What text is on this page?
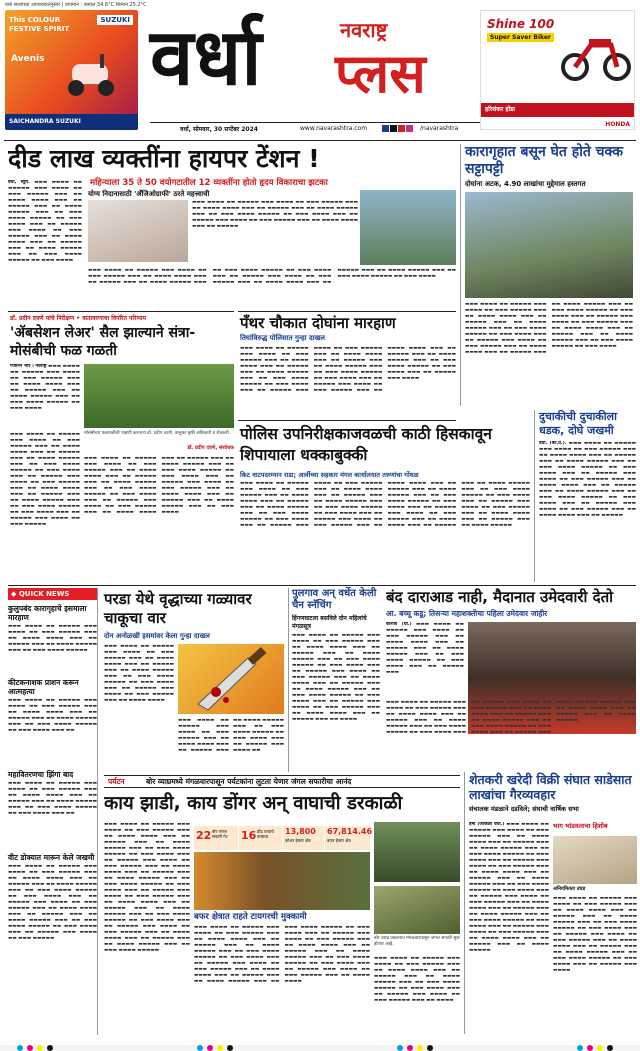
वर्धा सध्याच्या आवश्यकतेनुसार | तापमान : कमाल 34.6°C किमान 25.2°C
This COLOUR FESTIVE SPIRIT
SUZUKI
Avenis
SAICHANDRA SUZUKI
वर्धा	नवराष्ट्र
प्लस
वर्धा, सोमवार, 30 सप्टेंबर 2024	www.navarashtra.com	/navarashtra
Shine 100
Super Saver Biker
हरिशंकर होंडा
HONDA
दीड लाख व्यक्तींना हायपर टेंशन !
महिन्याला 35 ते 50 वयोगटातील 12 व्यक्तींना होतो हृदय विकाराचा झटका
वर्धा, ब्यूरो. ▬▬▬ ▬▬▬▬ ▬▬ ▬▬▬▬▬ ▬▬▬ ▬▬▬▬ ▬▬ ▬▬▬ ▬▬▬▬▬ ▬▬▬ ▬▬ ▬▬▬▬ ▬▬▬▬ ▬▬▬ ▬▬ ▬▬▬▬▬ ▬▬▬ ▬▬ ▬▬▬▬ ▬▬▬▬▬ ▬▬▬ ▬▬ ▬▬▬ ▬▬▬▬ ▬▬▬▬▬ ▬▬ ▬▬▬ ▬▬▬▬ ▬▬▬ ▬▬ ▬▬▬▬▬ ▬▬▬ ▬▬▬▬ ▬▬ ▬▬▬ ▬▬▬▬▬ ▬▬▬ ▬▬ ▬▬▬▬ ▬▬▬▬ ▬▬▬ ▬▬ ▬▬▬▬▬ ▬▬▬ ▬▬ ▬▬▬▬ ▬▬▬▬▬ ▬▬▬ ▬▬ ▬▬▬ ▬▬▬▬ ▬▬▬▬▬ ▬▬ ▬▬▬ ▬▬▬▬
योग्य निदानासाठी 'अँजिओग्राफी' ठरते महत्त्वाची
▬▬▬ ▬▬▬▬ ▬▬ ▬▬▬▬▬ ▬▬▬ ▬▬▬▬ ▬▬ ▬▬▬ ▬▬▬▬▬ ▬▬▬ ▬▬ ▬▬▬▬ ▬▬▬▬ ▬▬▬ ▬▬ ▬▬▬▬▬ ▬▬▬ ▬▬ ▬▬▬▬ ▬▬▬▬▬ ▬▬▬ ▬▬ ▬▬▬ ▬▬▬▬ ▬▬▬▬▬ ▬▬ ▬▬▬ ▬▬▬▬ ▬▬▬ ▬▬ ▬▬▬▬▬ ▬▬▬ ▬▬▬▬ ▬▬ ▬▬▬ ▬▬▬▬▬ ▬▬▬ ▬▬ ▬▬▬▬ ▬▬▬▬ ▬▬▬ ▬▬ ▬▬▬▬▬
▬▬▬ ▬▬▬▬ ▬▬ ▬▬▬▬▬ ▬▬▬ ▬▬▬▬ ▬▬ ▬▬▬ ▬▬▬▬▬ ▬▬▬ ▬▬ ▬▬▬▬ ▬▬▬▬ ▬▬▬ ▬▬ ▬▬▬▬▬ ▬▬▬ ▬▬ ▬▬▬▬ ▬▬▬▬▬ ▬▬▬ ▬▬ ▬▬▬ ▬▬▬▬ ▬▬▬▬▬ ▬▬ ▬▬▬ ▬▬▬▬ ▬▬▬ ▬▬ ▬▬▬▬▬ ▬▬▬ ▬▬▬▬ ▬▬ ▬▬▬ ▬▬▬▬▬ ▬▬▬ ▬▬ ▬▬▬▬ ▬▬▬▬ ▬▬▬ ▬▬ ▬▬▬▬▬ ▬▬▬ ▬▬ ▬▬▬▬ ▬▬▬▬▬ ▬▬▬ ▬▬ ▬▬▬ ▬▬▬▬ ▬▬▬▬▬ ▬▬ ▬▬▬ ▬▬▬▬
कारागृहात बसून घेत होते चक्क सट्टापट्टी
दोघांना अटक, 4.90 लाखांचा मुद्देमाल हस्तगत
▬▬▬ ▬▬▬▬ ▬▬ ▬▬▬▬▬ ▬▬▬ ▬▬▬▬ ▬▬ ▬▬▬ ▬▬▬▬▬ ▬▬▬ ▬▬ ▬▬▬▬ ▬▬▬▬ ▬▬▬ ▬▬ ▬▬▬▬▬ ▬▬▬ ▬▬ ▬▬▬▬ ▬▬▬▬▬ ▬▬▬ ▬▬ ▬▬▬ ▬▬▬▬ ▬▬▬▬▬ ▬▬ ▬▬▬ ▬▬▬▬ ▬▬▬ ▬▬ ▬▬▬▬▬ ▬▬▬ ▬▬▬▬ ▬▬ ▬▬▬ ▬▬▬▬▬ ▬▬▬ ▬▬ ▬▬▬▬ ▬▬▬▬ ▬▬▬ ▬▬ ▬▬▬▬▬ ▬▬▬ ▬▬ ▬▬▬▬ ▬▬▬▬▬ ▬▬▬ ▬▬ ▬▬▬ ▬▬▬▬ ▬▬▬▬▬ ▬▬ ▬▬▬ ▬▬▬▬ ▬▬▬ ▬▬ ▬▬▬▬▬ ▬▬▬ ▬▬▬▬ ▬▬ ▬▬▬ ▬▬▬▬▬ ▬▬▬ ▬▬ ▬▬▬▬ ▬▬▬▬ ▬▬▬ ▬▬ ▬▬▬▬▬ ▬▬▬ ▬▬ ▬▬▬▬ ▬▬▬▬▬ ▬▬▬ ▬▬ ▬▬▬ ▬▬▬▬ ▬▬▬▬▬ ▬▬ ▬▬▬ ▬▬▬▬
डॉ. प्रदीप दवणे यांचे निरीक्षण • वातावरणाचा विपरित परिणाम
'ॲबसेशन लेअर' सैल झाल्याने संत्रा-मोसंबीची फळ गळती
गजानन भोरे । नवराष्ट्र ▬▬▬ ▬▬▬▬ ▬▬ ▬▬▬▬▬ ▬▬▬ ▬▬▬▬ ▬▬ ▬▬▬ ▬▬▬▬▬ ▬▬▬ ▬▬ ▬▬▬▬ ▬▬▬▬ ▬▬▬ ▬▬ ▬▬▬▬▬ ▬▬▬ ▬▬ ▬▬▬▬ ▬▬▬▬▬ ▬▬▬ ▬▬ ▬▬▬ ▬▬▬▬ ▬▬▬▬▬ ▬▬ ▬▬▬ ▬▬▬▬
मोसंबीच्या फळगळीची पाहणी करताना डॉ. प्रदीप दवणे, तालुका कृषी अधिकारी व शेतकरी.
डॉ. प्रदीप दवणे, संशोधक
▬▬▬ ▬▬▬▬ ▬▬ ▬▬▬▬▬ ▬▬▬ ▬▬▬▬ ▬▬ ▬▬▬ ▬▬▬▬▬ ▬▬▬ ▬▬ ▬▬▬▬ ▬▬▬▬ ▬▬▬ ▬▬ ▬▬▬▬▬ ▬▬▬ ▬▬ ▬▬▬▬ ▬▬▬▬▬ ▬▬▬ ▬▬ ▬▬▬ ▬▬▬▬ ▬▬▬▬▬ ▬▬ ▬▬▬ ▬▬▬▬ ▬▬▬ ▬▬ ▬▬▬▬▬ ▬▬▬ ▬▬▬▬ ▬▬ ▬▬▬ ▬▬▬▬▬ ▬▬▬ ▬▬ ▬▬▬▬ ▬▬▬▬ ▬▬▬ ▬▬ ▬▬▬▬▬ ▬▬▬ ▬▬ ▬▬▬▬ ▬▬▬▬▬ ▬▬▬ ▬▬ ▬▬▬ ▬▬▬▬ ▬▬▬▬▬ ▬▬ ▬▬▬ ▬▬▬▬ ▬▬▬ ▬▬ ▬▬▬▬▬ ▬▬▬ ▬▬▬▬ ▬▬ ▬▬▬ ▬▬▬▬▬
▬▬▬ ▬▬▬▬ ▬▬ ▬▬▬▬▬ ▬▬▬ ▬▬▬▬ ▬▬ ▬▬▬ ▬▬▬▬▬ ▬▬▬ ▬▬ ▬▬▬▬ ▬▬▬▬ ▬▬▬ ▬▬ ▬▬▬▬▬ ▬▬▬ ▬▬ ▬▬▬▬ ▬▬▬▬▬ ▬▬▬ ▬▬ ▬▬▬ ▬▬▬▬ ▬▬▬▬▬ ▬▬ ▬▬▬ ▬▬▬▬ ▬▬▬ ▬▬ ▬▬▬▬▬ ▬▬▬ ▬▬▬▬ ▬▬ ▬▬▬ ▬▬▬▬▬ ▬▬▬ ▬▬ ▬▬▬▬ ▬▬▬▬ ▬▬▬ ▬▬ ▬▬▬▬▬ ▬▬▬ ▬▬ ▬▬▬▬ ▬▬▬▬▬ ▬▬▬ ▬▬ ▬▬▬ ▬▬▬▬ ▬▬▬▬▬ ▬▬ ▬▬▬ ▬▬▬▬ ▬▬▬ ▬▬ ▬▬▬▬▬ ▬▬▬ ▬▬▬▬ ▬▬ ▬▬▬ ▬▬▬▬▬ ▬▬▬ ▬▬ ▬▬▬▬ ▬▬▬▬ ▬▬▬ ▬▬ ▬▬▬▬▬ ▬▬▬ ▬▬ ▬▬▬▬ ▬▬▬▬▬ ▬▬▬ ▬▬ ▬▬▬ ▬▬▬▬
पँथर चौकात दोघांना मारहाण
तिघांविरुद्ध पोलिसात गुन्हा दाखल
▬▬▬ ▬▬▬▬ ▬▬ ▬▬▬▬▬ ▬▬▬ ▬▬▬▬ ▬▬ ▬▬▬ ▬▬▬▬▬ ▬▬▬ ▬▬ ▬▬▬▬ ▬▬▬▬ ▬▬▬ ▬▬ ▬▬▬▬▬ ▬▬▬ ▬▬ ▬▬▬▬ ▬▬▬▬▬ ▬▬▬ ▬▬ ▬▬▬ ▬▬▬▬ ▬▬▬▬▬ ▬▬ ▬▬▬ ▬▬▬▬ ▬▬▬ ▬▬ ▬▬▬▬▬ ▬▬▬ ▬▬▬▬ ▬▬ ▬▬▬ ▬▬▬▬▬ ▬▬▬ ▬▬ ▬▬▬▬ ▬▬▬▬ ▬▬▬ ▬▬ ▬▬▬▬▬ ▬▬▬ ▬▬ ▬▬▬▬ ▬▬▬▬▬ ▬▬▬ ▬▬ ▬▬▬ ▬▬▬▬ ▬▬▬▬▬ ▬▬ ▬▬▬ ▬▬▬▬ ▬▬▬ ▬▬ ▬▬▬▬▬ ▬▬▬ ▬▬▬▬ ▬▬ ▬▬▬ ▬▬▬▬▬ ▬▬▬ ▬▬ ▬▬▬▬ ▬▬▬▬ ▬▬▬ ▬▬ ▬▬▬▬▬ ▬▬▬ ▬▬ ▬▬▬▬ ▬▬▬▬▬ ▬▬▬ ▬▬ ▬▬▬ ▬▬▬▬ ▬▬▬▬▬ ▬▬ ▬▬▬ ▬▬▬▬ ▬▬▬ ▬▬ ▬▬▬▬▬ ▬▬▬ ▬▬▬▬
पोलिस उपनिरीक्षकाजवळची काठी हिसकावून शिपायाला धक्काबुक्की
किट वाटपदरम्यान राडा; आर्वीच्या सहकार मंगल कार्यालयात तरुणांचा गोंधळ
▬▬▬ ▬▬▬▬ ▬▬ ▬▬▬▬▬ ▬▬▬ ▬▬▬▬ ▬▬ ▬▬▬ ▬▬▬▬▬ ▬▬▬ ▬▬ ▬▬▬▬ ▬▬▬▬ ▬▬▬ ▬▬ ▬▬▬▬▬ ▬▬▬ ▬▬ ▬▬▬▬ ▬▬▬▬▬ ▬▬▬ ▬▬ ▬▬▬ ▬▬▬▬ ▬▬▬▬▬ ▬▬ ▬▬▬ ▬▬▬▬ ▬▬▬ ▬▬ ▬▬▬▬▬ ▬▬▬ ▬▬▬▬ ▬▬ ▬▬▬ ▬▬▬▬▬ ▬▬▬ ▬▬ ▬▬▬▬ ▬▬▬▬ ▬▬▬ ▬▬ ▬▬▬▬▬ ▬▬▬ ▬▬ ▬▬▬▬ ▬▬▬▬▬ ▬▬▬ ▬▬ ▬▬▬ ▬▬▬▬ ▬▬▬▬▬ ▬▬ ▬▬▬ ▬▬▬▬ ▬▬▬ ▬▬ ▬▬▬▬▬ ▬▬▬ ▬▬▬▬ ▬▬ ▬▬▬ ▬▬▬▬▬ ▬▬▬ ▬▬ ▬▬▬▬ ▬▬▬▬ ▬▬▬ ▬▬ ▬▬▬▬▬ ▬▬▬ ▬▬ ▬▬▬▬ ▬▬▬▬▬ ▬▬▬ ▬▬ ▬▬▬ ▬▬▬▬ ▬▬▬▬▬ ▬▬ ▬▬▬ ▬▬▬▬ ▬▬▬ ▬▬ ▬▬▬▬▬ ▬▬▬ ▬▬▬▬ ▬▬ ▬▬▬ ▬▬▬▬▬ ▬▬▬ ▬▬ ▬▬▬▬ ▬▬▬▬ ▬▬▬ ▬▬ ▬▬▬▬▬ ▬▬▬ ▬▬ ▬▬▬▬ ▬▬▬▬▬ ▬▬▬ ▬▬ ▬▬▬ ▬▬▬▬ ▬▬▬▬▬ ▬▬ ▬▬▬ ▬▬▬▬ ▬▬▬ ▬▬ ▬▬▬▬▬ ▬▬▬ ▬▬▬▬ ▬▬ ▬▬▬ ▬▬▬▬▬ ▬▬▬ ▬▬ ▬▬▬▬ ▬▬▬▬ ▬▬▬ ▬▬ ▬▬▬▬▬ ▬▬▬ ▬▬ ▬▬▬▬ ▬▬▬▬▬
दुचाकीची दुचाकीला धडक, दोघे जखमी
वर्धा. (का.प्र.). ▬▬▬ ▬▬▬▬ ▬▬ ▬▬▬▬▬ ▬▬▬ ▬▬▬▬ ▬▬ ▬▬▬ ▬▬▬▬▬ ▬▬▬ ▬▬ ▬▬▬▬ ▬▬▬▬ ▬▬▬ ▬▬ ▬▬▬▬▬ ▬▬▬ ▬▬ ▬▬▬▬ ▬▬▬▬▬ ▬▬▬ ▬▬ ▬▬▬ ▬▬▬▬ ▬▬▬▬▬ ▬▬ ▬▬▬ ▬▬▬▬ ▬▬▬ ▬▬ ▬▬▬▬▬ ▬▬▬ ▬▬▬▬ ▬▬ ▬▬▬ ▬▬▬▬▬ ▬▬▬ ▬▬ ▬▬▬▬ ▬▬▬▬ ▬▬▬ ▬▬ ▬▬▬▬▬ ▬▬▬ ▬▬ ▬▬▬▬ ▬▬▬▬▬ ▬▬▬ ▬▬ ▬▬▬ ▬▬▬▬ ▬▬▬▬▬ ▬▬ ▬▬▬ ▬▬▬▬ ▬▬▬ ▬▬ ▬▬▬▬▬ ▬▬▬ ▬▬▬▬ ▬▬ ▬▬▬ ▬▬▬▬▬ ▬▬▬ ▬▬ ▬▬▬▬ ▬▬▬▬ ▬▬▬ ▬▬ ▬▬▬▬▬
◆ QUICK NEWS
कुलुपबंद कारागृहाचे इसमाला मारहाण
▬▬▬ ▬▬▬▬ ▬▬ ▬▬▬▬▬ ▬▬▬ ▬▬▬▬ ▬▬ ▬▬▬ ▬▬▬▬▬ ▬▬▬ ▬▬ ▬▬▬▬ ▬▬▬▬ ▬▬▬ ▬▬ ▬▬▬▬▬ ▬▬▬ ▬▬ ▬▬▬▬ ▬▬▬▬▬ ▬▬▬ ▬▬ ▬▬▬ ▬▬▬▬ ▬▬▬▬▬
कीटकनाशक प्राशन करून आत्महत्या
▬▬▬ ▬▬▬▬ ▬▬ ▬▬▬▬▬ ▬▬▬ ▬▬▬▬ ▬▬ ▬▬▬ ▬▬▬▬▬ ▬▬▬ ▬▬ ▬▬▬▬ ▬▬▬▬ ▬▬▬ ▬▬ ▬▬▬▬▬ ▬▬▬ ▬▬ ▬▬▬▬ ▬▬▬▬▬ ▬▬▬ ▬▬ ▬▬▬ ▬▬▬▬ ▬▬▬▬▬ ▬▬ ▬▬▬ ▬▬▬▬ ▬▬▬ ▬▬
महावितरणचा झिंगा बाद
▬▬▬ ▬▬▬▬ ▬▬ ▬▬▬▬▬ ▬▬▬ ▬▬▬▬ ▬▬ ▬▬▬ ▬▬▬▬▬ ▬▬▬ ▬▬ ▬▬▬▬ ▬▬▬▬ ▬▬▬ ▬▬ ▬▬▬▬▬ ▬▬▬ ▬▬ ▬▬▬▬ ▬▬▬▬▬ ▬▬▬ ▬▬ ▬▬▬ ▬▬▬▬ ▬▬▬▬▬ ▬▬ ▬▬▬ ▬▬▬▬ ▬▬▬ ▬▬
वीट डोक्यात मारून केले जखमी
▬▬▬ ▬▬▬▬ ▬▬ ▬▬▬▬▬ ▬▬▬ ▬▬▬▬ ▬▬ ▬▬▬ ▬▬▬▬▬ ▬▬▬ ▬▬ ▬▬▬▬ ▬▬▬▬ ▬▬▬ ▬▬ ▬▬▬▬▬ ▬▬▬ ▬▬ ▬▬▬▬ ▬▬▬▬▬ ▬▬▬ ▬▬ ▬▬▬ ▬▬▬▬ ▬▬▬▬▬ ▬▬ ▬▬▬ ▬▬▬▬ ▬▬▬ ▬▬ ▬▬▬▬▬ ▬▬▬ ▬▬▬▬ ▬▬ ▬▬▬ ▬▬▬▬▬ ▬▬▬ ▬▬ ▬▬▬▬ ▬▬▬▬ ▬▬▬ ▬▬ ▬▬▬▬▬ ▬▬▬ ▬▬ ▬▬▬▬ ▬▬▬▬▬ ▬▬▬ ▬▬ ▬▬▬ ▬▬▬▬ ▬▬▬▬▬ ▬▬ ▬▬▬ ▬▬▬▬ ▬▬▬ ▬▬ ▬▬▬▬▬ ▬▬▬ ▬▬▬▬ ▬▬ ▬▬▬ ▬▬▬▬▬
परडा येथे वृद्धाच्या गळ्यावर चाकूचा वार
दोन अनोळखी इसमांवर केला गुन्हा दाखल
▬▬▬ ▬▬▬▬ ▬▬ ▬▬▬▬▬ ▬▬▬ ▬▬▬▬ ▬▬ ▬▬▬ ▬▬▬▬▬ ▬▬▬ ▬▬ ▬▬▬▬ ▬▬▬▬ ▬▬▬ ▬▬ ▬▬▬▬▬ ▬▬▬ ▬▬ ▬▬▬▬ ▬▬▬▬▬ ▬▬▬ ▬▬ ▬▬▬ ▬▬▬▬ ▬▬▬▬▬ ▬▬ ▬▬▬ ▬▬▬▬ ▬▬▬ ▬▬ ▬▬▬▬▬ ▬▬▬ ▬▬▬▬ ▬▬ ▬▬▬ ▬▬▬▬▬ ▬▬▬ ▬▬ ▬▬▬▬ ▬▬▬▬
▬▬▬ ▬▬▬▬ ▬▬ ▬▬▬▬▬ ▬▬▬ ▬▬▬▬ ▬▬ ▬▬▬ ▬▬▬▬▬ ▬▬▬ ▬▬ ▬▬▬▬ ▬▬▬▬ ▬▬▬ ▬▬ ▬▬▬▬▬ ▬▬▬ ▬▬ ▬▬▬▬ ▬▬▬▬▬ ▬▬▬ ▬▬ ▬▬▬ ▬▬▬▬ ▬▬▬▬▬ ▬▬ ▬▬▬ ▬▬▬▬ ▬▬▬ ▬▬ ▬▬▬▬▬ ▬▬▬ ▬▬▬▬ ▬▬
पुलगाव अन् वर्धेत केली चैन स्नॅचिंग
हिंगणघाटला बसविले दोन महिलांचे मंगळसूत्र
▬▬▬ ▬▬▬▬ ▬▬ ▬▬▬▬▬ ▬▬▬ ▬▬▬▬ ▬▬ ▬▬▬ ▬▬▬▬▬ ▬▬▬ ▬▬ ▬▬▬▬ ▬▬▬▬ ▬▬▬ ▬▬ ▬▬▬▬▬ ▬▬▬ ▬▬ ▬▬▬▬ ▬▬▬▬▬ ▬▬▬ ▬▬ ▬▬▬ ▬▬▬▬ ▬▬▬▬▬ ▬▬ ▬▬▬ ▬▬▬▬ ▬▬▬ ▬▬ ▬▬▬▬▬ ▬▬▬ ▬▬▬▬ ▬▬ ▬▬▬ ▬▬▬▬▬ ▬▬▬ ▬▬ ▬▬▬▬ ▬▬▬▬ ▬▬▬ ▬▬ ▬▬▬▬▬ ▬▬▬ ▬▬ ▬▬▬▬ ▬▬▬▬▬ ▬▬▬ ▬▬ ▬▬▬ ▬▬▬▬ ▬▬▬▬▬ ▬▬ ▬▬▬ ▬▬▬▬ ▬▬▬ ▬▬ ▬▬▬▬▬ ▬▬▬ ▬▬▬▬ ▬▬ ▬▬▬ ▬▬▬▬▬ ▬▬▬ ▬▬ ▬▬▬▬ ▬▬▬▬ ▬▬▬ ▬▬ ▬▬▬▬▬ ▬▬▬ ▬▬ ▬▬▬▬
बंद दाराआड नाही, मैदानात उमेदवारी देतो
आ. बच्चू कडू; तिसऱ्या महाशक्तीचा पहिला उमेदवार जाहीर
कारंजा (घा.) ▬▬▬ ▬▬▬▬ ▬▬ ▬▬▬▬▬ ▬▬▬ ▬▬▬▬ ▬▬ ▬▬▬ ▬▬▬▬▬ ▬▬▬ ▬▬ ▬▬▬▬ ▬▬▬▬ ▬▬▬ ▬▬ ▬▬▬▬▬ ▬▬▬ ▬▬ ▬▬▬▬ ▬▬▬▬▬ ▬▬▬ ▬▬ ▬▬▬ ▬▬▬▬ ▬▬▬▬▬ ▬▬ ▬▬▬ ▬▬▬▬ ▬▬▬ ▬▬ ▬▬▬▬▬ ▬▬▬
▬▬▬ ▬▬▬▬ ▬▬ ▬▬▬▬▬ ▬▬▬ ▬▬▬▬ ▬▬ ▬▬▬ ▬▬▬▬▬ ▬▬▬ ▬▬ ▬▬▬▬ ▬▬▬▬ ▬▬▬ ▬▬ ▬▬▬▬▬ ▬▬▬ ▬▬ ▬▬▬▬ ▬▬▬▬▬ ▬▬▬ ▬▬ ▬▬▬ ▬▬▬▬ ▬▬▬▬▬ ▬▬ ▬▬▬ ▬▬▬▬ ▬▬▬ ▬▬ ▬▬▬▬▬ ▬▬▬ ▬▬▬▬ ▬▬ ▬▬▬ ▬▬▬▬▬ ▬▬▬ ▬▬ ▬▬▬▬ ▬▬▬▬ ▬▬▬ ▬▬ ▬▬▬▬▬ ▬▬▬ ▬▬ ▬▬▬▬ ▬▬▬▬▬ ▬▬▬ ▬▬ ▬▬▬ ▬▬▬▬ ▬▬▬▬▬ ▬▬ ▬▬▬ ▬▬▬▬ ▬▬▬ ▬▬ ▬▬▬▬▬ ▬▬▬ ▬▬▬▬ ▬▬ ▬▬▬ ▬▬▬▬▬ ▬▬▬ ▬▬ ▬▬▬▬ ▬▬▬▬ ▬▬▬ ▬▬ ▬▬▬▬▬ ▬▬▬ ▬▬ ▬▬▬▬ ▬▬▬▬▬
पर्यटन	बोर व्याघ्रमध्ये मंगळवारपासून पर्यटकांना लुटता येणार जंगल सफारीचा आनंद
काय झाडी, काय डोंगर अन् वाघाची डरकाळी
▬▬▬ ▬▬▬▬ ▬▬ ▬▬▬▬▬ ▬▬▬ ▬▬▬▬ ▬▬ ▬▬▬ ▬▬▬▬▬ ▬▬▬ ▬▬ ▬▬▬▬ ▬▬▬▬ ▬▬▬ ▬▬ ▬▬▬▬▬ ▬▬▬ ▬▬ ▬▬▬▬ ▬▬▬▬▬ ▬▬▬ ▬▬ ▬▬▬ ▬▬▬▬ ▬▬▬▬▬ ▬▬ ▬▬▬ ▬▬▬▬ ▬▬▬ ▬▬ ▬▬▬▬▬ ▬▬▬ ▬▬▬▬ ▬▬ ▬▬▬ ▬▬▬▬▬ ▬▬▬ ▬▬ ▬▬▬▬ ▬▬▬▬ ▬▬▬ ▬▬ ▬▬▬▬▬ ▬▬▬ ▬▬ ▬▬▬▬ ▬▬▬▬▬ ▬▬▬ ▬▬ ▬▬▬ ▬▬▬▬ ▬▬▬▬▬ ▬▬ ▬▬▬ ▬▬▬▬ ▬▬▬ ▬▬ ▬▬▬▬▬ ▬▬▬ ▬▬▬▬ ▬▬ ▬▬▬ ▬▬▬▬▬ ▬▬▬ ▬▬ ▬▬▬▬ ▬▬▬▬ ▬▬▬ ▬▬ ▬▬▬▬▬ ▬▬▬ ▬▬ ▬▬▬▬ ▬▬▬▬▬ ▬▬▬ ▬▬ ▬▬▬ ▬▬▬▬ ▬▬▬▬▬ ▬▬ ▬▬▬ ▬▬▬▬ ▬▬▬ ▬▬ ▬▬▬▬▬ ▬▬▬ ▬▬▬▬ ▬▬ ▬▬▬ ▬▬▬▬▬ ▬▬▬ ▬▬ ▬▬▬▬ ▬▬▬▬ ▬▬▬ ▬▬ ▬▬▬▬▬ ▬▬▬ ▬▬ ▬▬▬▬ ▬▬▬▬▬ ▬▬▬ ▬▬ ▬▬▬ ▬▬▬▬ ▬▬▬▬▬
22 बोर जंगल सफारी गेट	16 प्रौढ वाघांचे वास्तव्य
13,800
कोअर हेक्टर क्षेत्र
67,814.46
बफर हेक्टर क्षेत्र
बफर क्षेत्रात राहते टायगरची मुक्कामी
▬▬▬ ▬▬▬▬ ▬▬ ▬▬▬▬▬ ▬▬▬ ▬▬▬▬ ▬▬ ▬▬▬ ▬▬▬▬▬ ▬▬▬ ▬▬ ▬▬▬▬ ▬▬▬▬ ▬▬▬ ▬▬ ▬▬▬▬▬ ▬▬▬ ▬▬ ▬▬▬▬ ▬▬▬▬▬ ▬▬▬ ▬▬ ▬▬▬ ▬▬▬▬ ▬▬▬▬▬ ▬▬ ▬▬▬ ▬▬▬▬ ▬▬▬ ▬▬ ▬▬▬▬▬ ▬▬▬ ▬▬▬▬ ▬▬ ▬▬▬ ▬▬▬▬▬ ▬▬▬ ▬▬ ▬▬▬▬ ▬▬▬▬ ▬▬▬ ▬▬ ▬▬▬▬▬ ▬▬▬ ▬▬ ▬▬▬▬ ▬▬▬▬▬ ▬▬▬ ▬▬ ▬▬▬ ▬▬▬▬ ▬▬▬▬▬ ▬▬ ▬▬▬ ▬▬▬▬ ▬▬▬ ▬▬ ▬▬▬▬▬ ▬▬▬ ▬▬▬▬ ▬▬ ▬▬▬ ▬▬▬▬▬ ▬▬▬ ▬▬ ▬▬▬▬ ▬▬▬▬ ▬▬▬ ▬▬ ▬▬▬▬▬ ▬▬▬ ▬▬ ▬▬▬▬ ▬▬▬▬▬ ▬▬▬ ▬▬ ▬▬▬ ▬▬▬▬ ▬▬▬▬▬ ▬▬ ▬▬▬ ▬▬▬▬ ▬▬▬ ▬▬ ▬▬▬▬▬ ▬▬▬ ▬▬▬▬ ▬▬ ▬▬▬ ▬▬▬▬▬ ▬▬▬ ▬▬ ▬▬▬▬ ▬▬▬▬
बोर व्याघ्र प्रकल्पात मंगळवारपासून जंगल सफारी सुरू होणार आहे.
▬▬▬ ▬▬▬▬ ▬▬ ▬▬▬▬▬ ▬▬▬ ▬▬▬▬ ▬▬ ▬▬▬ ▬▬▬▬▬ ▬▬▬ ▬▬ ▬▬▬▬ ▬▬▬▬ ▬▬▬ ▬▬ ▬▬▬▬▬ ▬▬▬ ▬▬ ▬▬▬▬ ▬▬▬▬▬ ▬▬▬ ▬▬ ▬▬▬ ▬▬▬▬ ▬▬▬▬▬ ▬▬ ▬▬▬ ▬▬▬▬ ▬▬▬ ▬▬ ▬▬▬▬▬ ▬▬▬ ▬▬▬▬ ▬▬ ▬▬▬ ▬▬▬▬▬ ▬▬▬ ▬▬ ▬▬▬▬
शेतकरी खरेदी विक्री संघात साडेसात लाखांचा गैरव्यवहार
संचालक मंडळाने दडविले; संघाची वार्षिक सभा
हमी (जाजळी वर्धा.) ▬▬▬ ▬▬▬▬ ▬▬ ▬▬▬▬▬ ▬▬▬ ▬▬▬▬ ▬▬ ▬▬▬ ▬▬▬▬▬ ▬▬▬ ▬▬ ▬▬▬▬ ▬▬▬▬ ▬▬▬ ▬▬ ▬▬▬▬▬ ▬▬▬ ▬▬ ▬▬▬▬ ▬▬▬▬▬ ▬▬▬ ▬▬ ▬▬▬ ▬▬▬▬ ▬▬▬▬▬ ▬▬ ▬▬▬ ▬▬▬▬ ▬▬▬ ▬▬ ▬▬▬▬▬ ▬▬▬ ▬▬▬▬ ▬▬ ▬▬▬ ▬▬▬▬▬ ▬▬▬ ▬▬ ▬▬▬▬ ▬▬▬▬ ▬▬▬ ▬▬ ▬▬▬▬▬ ▬▬▬ ▬▬ ▬▬▬▬ ▬▬▬▬▬ ▬▬▬ ▬▬ ▬▬▬ ▬▬▬▬ ▬▬▬▬▬ ▬▬ ▬▬▬ ▬▬▬▬ ▬▬▬ ▬▬ ▬▬▬▬▬ ▬▬▬ ▬▬▬▬ ▬▬ ▬▬▬ ▬▬▬▬▬ ▬▬▬ ▬▬ ▬▬▬▬ ▬▬▬▬ ▬▬▬ ▬▬ ▬▬▬▬▬ ▬▬▬ ▬▬ ▬▬▬▬ ▬▬▬▬▬ ▬▬▬ ▬▬ ▬▬▬ ▬▬▬▬ ▬▬▬▬▬ ▬▬ ▬▬▬ ▬▬▬▬ ▬▬▬ ▬▬ ▬▬▬▬▬ ▬▬▬ ▬▬▬▬ ▬▬ ▬▬▬ ▬▬▬▬▬ ▬▬▬ ▬▬ ▬▬▬▬ ▬▬▬▬ ▬▬▬ ▬▬ ▬▬▬▬▬ ▬▬▬ ▬▬ ▬▬▬▬ ▬▬▬▬▬
भाग भांडवलाचा हिशोब
अनियमितता उघड
▬▬▬ ▬▬▬▬ ▬▬ ▬▬▬▬▬ ▬▬▬ ▬▬▬▬ ▬▬ ▬▬▬ ▬▬▬▬▬ ▬▬▬ ▬▬ ▬▬▬▬ ▬▬▬▬ ▬▬▬ ▬▬ ▬▬▬▬▬ ▬▬▬ ▬▬ ▬▬▬▬ ▬▬▬▬▬ ▬▬▬ ▬▬ ▬▬▬ ▬▬▬▬ ▬▬▬▬▬ ▬▬ ▬▬▬ ▬▬▬▬ ▬▬▬ ▬▬ ▬▬▬▬▬ ▬▬▬ ▬▬▬▬ ▬▬ ▬▬▬ ▬▬▬▬▬ ▬▬▬ ▬▬ ▬▬▬▬ ▬▬▬▬ ▬▬▬ ▬▬ ▬▬▬▬▬ ▬▬▬ ▬▬ ▬▬▬▬ ▬▬▬▬▬ ▬▬▬ ▬▬ ▬▬▬ ▬▬▬▬ ▬▬▬▬▬ ▬▬ ▬▬▬ ▬▬▬▬ ▬▬▬ ▬▬ ▬▬▬▬▬ ▬▬▬ ▬▬▬▬
